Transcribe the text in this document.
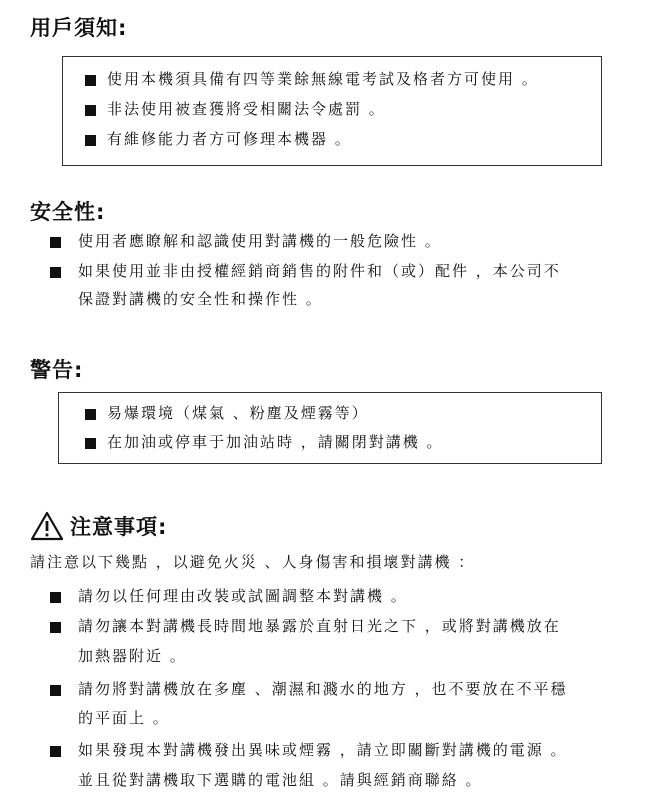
用戶須知:
使用本機須具備有四等業餘無線電考試及格者方可使用 。
非法使用被查獲將受相關法令處罰 。
有維修能力者方可修理本機器 。
安全性:
使用者應瞭解和認識使用對講機的一般危險性 。
如果使用並非由授權經銷商銷售的附件和（或）配件 ，本公司不
保證對講機的安全性和操作性 。
警告:
易爆環境（煤氣 、粉塵及煙霧等）
在加油或停車于加油站時 ，請關閉對講機 。
注意事項:
請注意以下幾點 ，以避免火災 、人身傷害和損壞對講機 ：
請勿以任何理由改裝或試圖調整本對講機 。
請勿讓本對講機長時間地暴露於直射日光之下 ，或將對講機放在
加熱器附近 。
請勿將對講機放在多塵 、潮濕和濺水的地方 ，也不要放在不平穩
的平面上 。
如果發現本對講機發出異味或煙霧 ，請立即關斷對講機的電源 。
並且從對講機取下選購的電池組 。請與經銷商聯絡 。
